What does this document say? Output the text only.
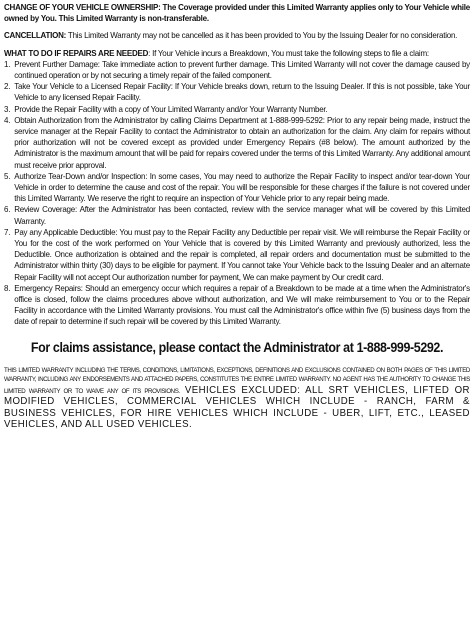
CHANGE OF YOUR VEHICLE OWNERSHIP: The Coverage provided under this Limited Warranty applies only to Your Vehicle while owned by You. This Limited Warranty is non-transferable.

CANCELLATION: This Limited Warranty may not be cancelled as it has been provided to You by the Issuing Dealer for no consideration.

WHAT TO DO IF REPAIRS ARE NEEDED: If Your Vehicle incurs a Breakdown, You must take the following steps to file a claim:
1. Prevent Further Damage: Take immediate action to prevent further damage. This Limited Warranty will not cover the damage caused by continued operation or by not securing a timely repair of the failed component.
2. Take Your Vehicle to a Licensed Repair Facility: If Your Vehicle breaks down, return to the Issuing Dealer. If this is not possible, take Your Vehicle to any licensed Repair Facility.
3. Provide the Repair Facility with a copy of Your Limited Warranty and/or Your Warranty Number.
4. Obtain Authorization from the Administrator by calling Claims Department at 1-888-999-5292: Prior to any repair being made, instruct the service manager at the Repair Facility to contact the Administrator to obtain an authorization for the claim. Any claim for repairs without prior authorization will not be covered except as provided under Emergency Repairs (#8 below). The amount authorized by the Administrator is the maximum amount that will be paid for repairs covered under the terms of this Limited Warranty. Any additional amount must receive prior approval.
5. Authorize Tear-Down and/or Inspection: In some cases, You may need to authorize the Repair Facility to inspect and/or tear-down Your Vehicle in order to determine the cause and cost of the repair. You will be responsible for these charges if the failure is not covered under this Limited Warranty. We reserve the right to require an inspection of Your Vehicle prior to any repair being made.
6. Review Coverage: After the Administrator has been contacted, review with the service manager what will be covered by this Limited Warranty.
7. Pay any Applicable Deductible: You must pay to the Repair Facility any Deductible per repair visit. We will reimburse the Repair Facility or You for the cost of the work performed on Your Vehicle that is covered by this Limited Warranty and previously authorized, less the Deductible. Once authorization is obtained and the repair is completed, all repair orders and documentation must be submitted to the Administrator within thirty (30) days to be eligible for payment. If You cannot take Your Vehicle back to the Issuing Dealer and an alternate Repair Facility will not accept Our authorization number for payment, We can make payment by Our credit card.
8. Emergency Repairs: Should an emergency occur which requires a repair of a Breakdown to be made at a time when the Administrator's office is closed, follow the claims procedures above without authorization, and We will make reimbursement to You or to the Repair Facility in accordance with the Limited Warranty provisions. You must call the Administrator's office within five (5) business days from the date of repair to determine if such repair will be covered by this Limited Warranty.
For claims assistance, please contact the Administrator at 1-888-999-5292.

THIS LIMITED WARRANTY INCLUDING THE TERMS, CONDITIONS, LIMITATIONS, EXCEPTIONS, DEFINITIONS AND EXCLUSIONS CONTAINED ON BOTH PAGES OF THIS LIMITED WARRANTY, INCLUDING ANY ENDORSEMENTS AND ATTACHED PAPERS, CONSTITUTES THE ENTIRE LIMITED WARRANTY. NO AGENT HAS THE AUTHORITY TO CHANGE THIS LIMITED WARRANTY OR TO WAIVE ANY OF ITS PROVISIONS. VEHICLES EXCLUDED: ALL SRT VEHICLES, LIFTED OR MODIFIED VEHICLES, COMMERCIAL VEHICLES WHICH INCLUDE - RANCH, FARM & BUSINESS VEHICLES, FOR HIRE VEHICLES WHICH INCLUDE - UBER, LIFT, ETC., LEASED VEHICLES, AND ALL USED VEHICLES.
